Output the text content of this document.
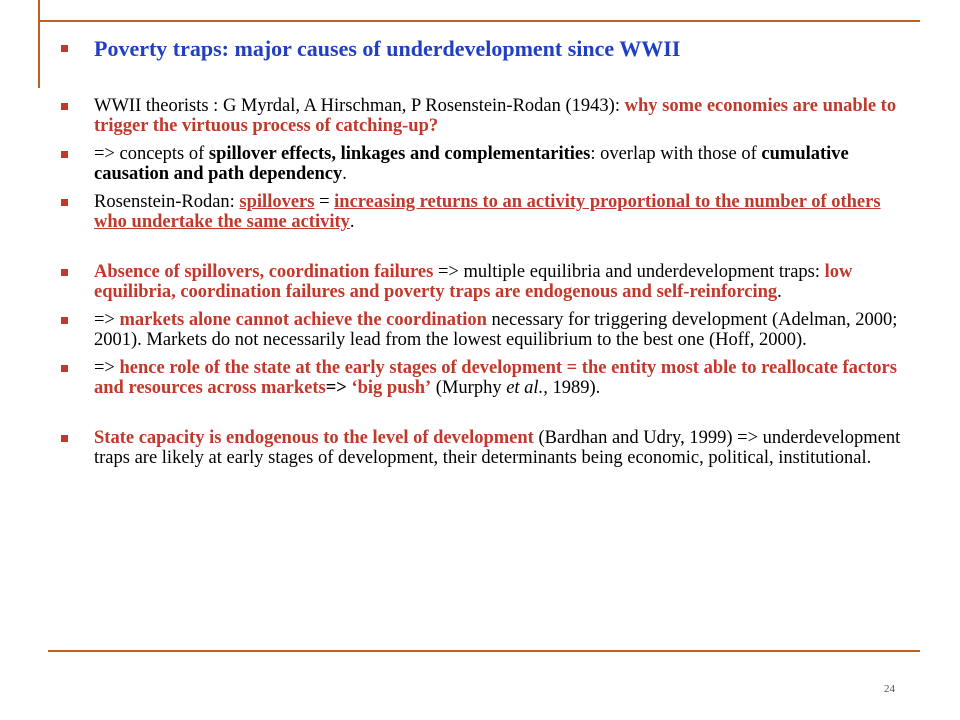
Poverty traps: major causes of underdevelopment since WWII
WWII theorists : G Myrdal, A Hirschman, P Rosenstein-Rodan (1943): why some economies are unable to trigger the virtuous process of catching-up?
=> concepts of spillover effects, linkages and complementarities: overlap with those of cumulative causation and path dependency.
Rosenstein-Rodan: spillovers = increasing returns to an activity proportional to the number of others who undertake the same activity.
Absence of spillovers, coordination failures => multiple equilibria and underdevelopment traps: low equilibria, coordination failures and poverty traps are endogenous and self-reinforcing.
=> markets alone cannot achieve the coordination necessary for triggering development (Adelman, 2000; 2001). Markets do not necessarily lead from the lowest equilibrium to the best one (Hoff, 2000).
=> hence role of the state at the early stages of development = the entity most able to reallocate factors and resources across markets=> ‘big push’ (Murphy et al., 1989).
State capacity is endogenous to the level of development (Bardhan and Udry, 1999) => underdevelopment traps are likely at early stages of development, their determinants being economic, political, institutional.
24
